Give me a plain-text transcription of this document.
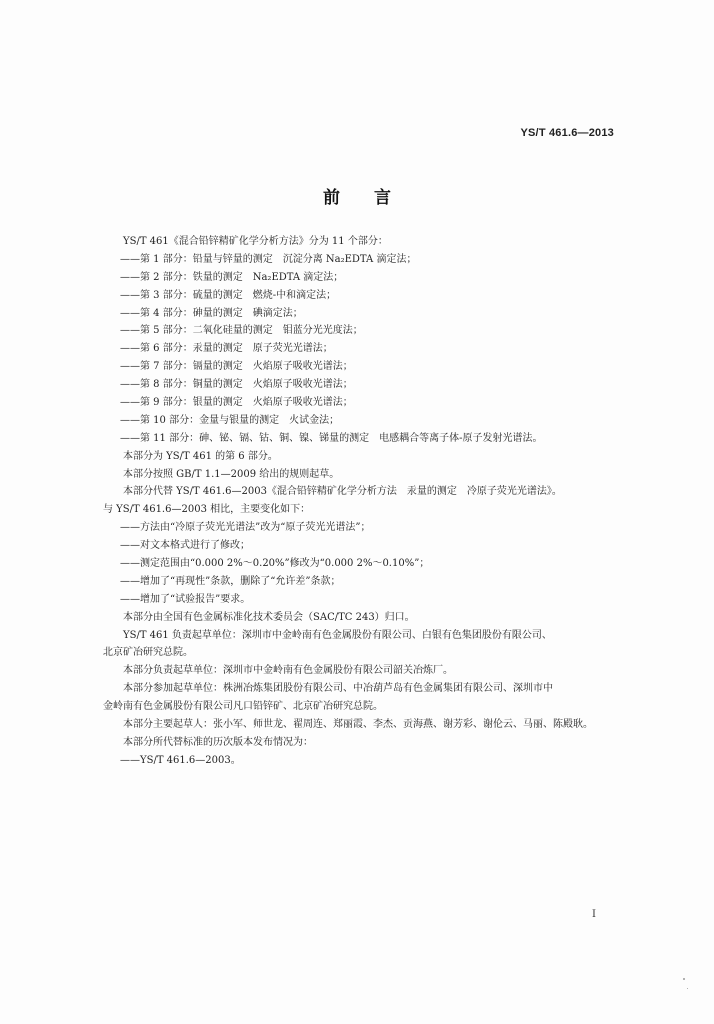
YS/T 461.6—2013
前言
YS/T 461《混合铅锌精矿化学分析方法》分为 11 个部分：
——第 1 部分：铅量与锌量的测定　沉淀分离 Na₂EDTA 滴定法；
——第 2 部分：铁量的测定　Na₂EDTA 滴定法；
——第 3 部分：硫量的测定　燃烧-中和滴定法；
——第 4 部分：砷量的测定　碘滴定法；
——第 5 部分：二氧化硅量的测定　钼蓝分光光度法；
——第 6 部分：汞量的测定　原子荧光光谱法；
——第 7 部分：镉量的测定　火焰原子吸收光谱法；
——第 8 部分：铜量的测定　火焰原子吸收光谱法；
——第 9 部分：银量的测定　火焰原子吸收光谱法；
——第 10 部分：金量与银量的测定　火试金法；
——第 11 部分：砷、铋、镉、钴、铜、镍、锑量的测定　电感耦合等离子体-原子发射光谱法。
本部分为 YS/T 461 的第 6 部分。
本部分按照 GB/T 1.1—2009 给出的规则起草。
本部分代替 YS/T 461.6—2003《混合铅锌精矿化学分析方法　汞量的测定　冷原子荧光光谱法》。
与 YS/T 461.6—2003 相比，主要变化如下：
——方法由“冷原子荧光光谱法”改为“原子荧光光谱法”；
——对文本格式进行了修改；
——测定范围由“0.000 2%～0.20%”修改为“0.000 2%～0.10%”；
——增加了“再现性”条款，删除了“允许差”条款；
——增加了“试验报告”要求。
本部分由全国有色金属标准化技术委员会（SAC/TC 243）归口。
YS/T 461 负责起草单位：深圳市中金岭南有色金属股份有限公司、白银有色集团股份有限公司、
北京矿冶研究总院。
本部分负责起草单位：深圳市中金岭南有色金属股份有限公司韶关冶炼厂。
本部分参加起草单位：株洲冶炼集团股份有限公司、中冶葫芦岛有色金属集团有限公司、深圳市中
金岭南有色金属股份有限公司凡口铅锌矿、北京矿冶研究总院。
本部分主要起草人：张小军、师世龙、翟周连、郑丽霞、李杰、贡海燕、谢芳彩、谢伦云、马丽、陈殿耿。
本部分所代替标准的历次版本发布情况为：
——YS/T 461.6—2003。
I
